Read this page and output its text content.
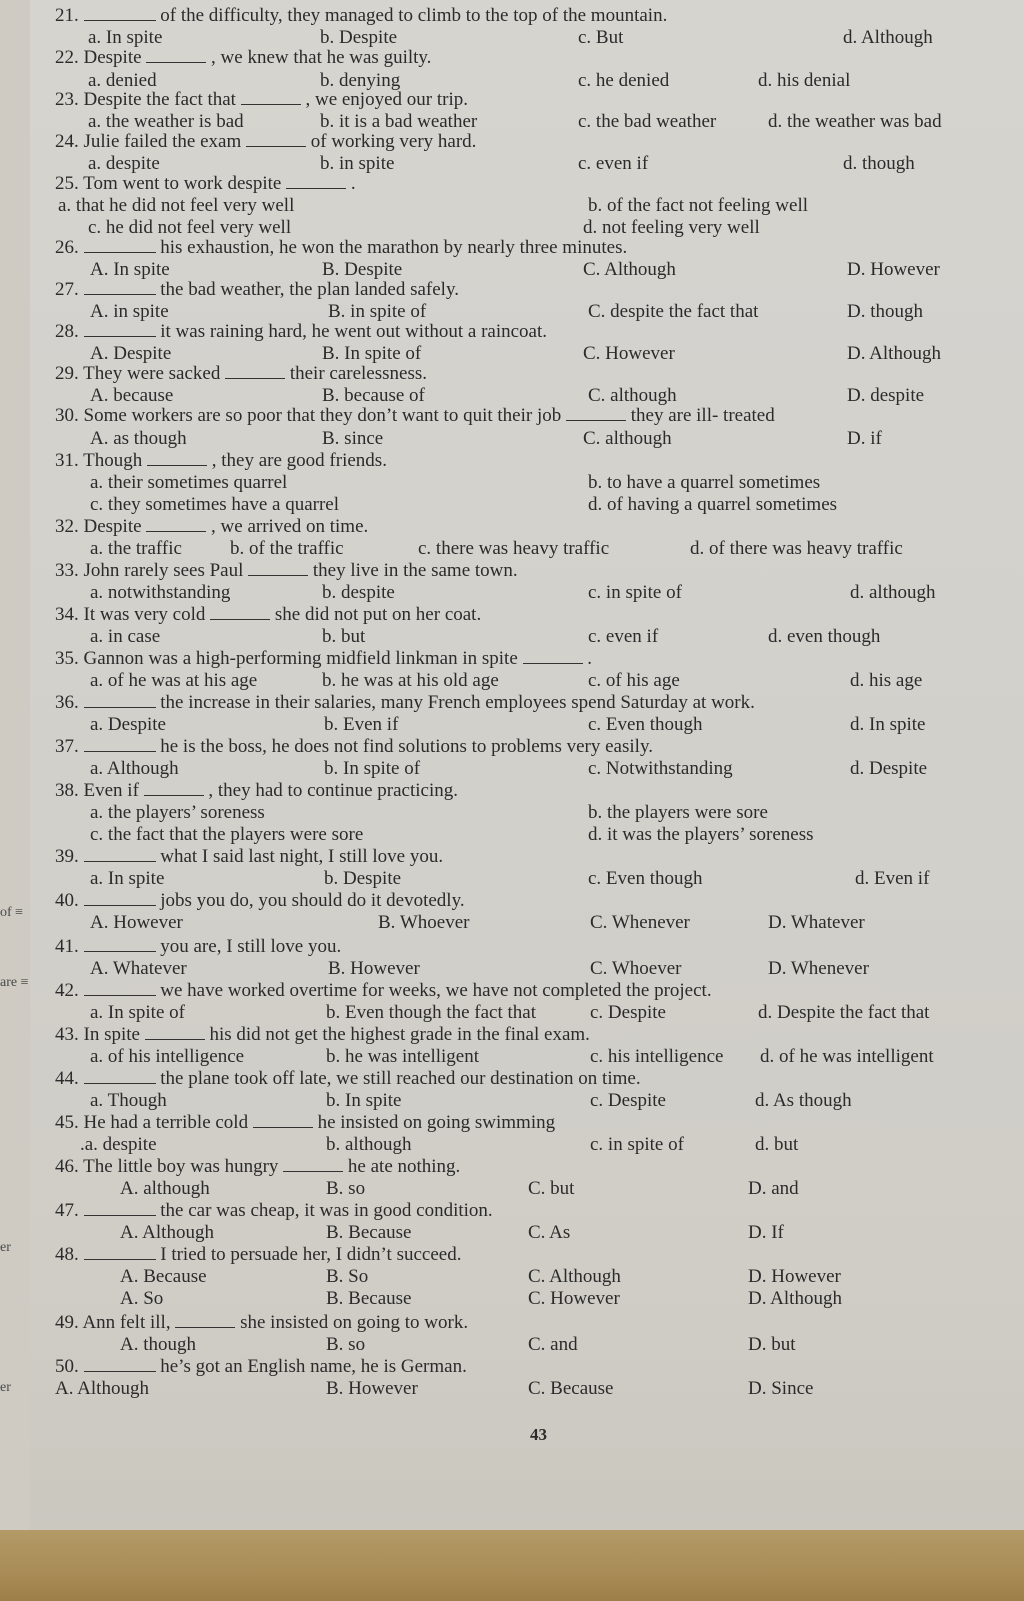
of ≡
are ≡
er
er
21.	of the difficulty, they managed to climb to the top of the mountain.
a. In spite	b. Despite	c. But	d. Although
22. Despite	, we knew that he was guilty.
a. denied	b. denying	c. he denied	d. his denial
23. Despite the fact that	, we enjoyed our trip.
a. the weather is bad	b. it is a bad weather	c. the bad weather	d. the weather was bad
24. Julie failed the exam	of working very hard.
a. despite	b. in spite	c. even if	d. though
25. Tom went to work despite	.
a. that he did not feel very well	b. of the fact not feeling well
c. he did not feel very well	d. not feeling very well
26.	his exhaustion, he won the marathon by nearly three minutes.
A. In spite	B. Despite	C. Although	D. However
27.	the bad weather, the plan landed safely.
A. in spite	B. in spite of	C. despite the fact that	D. though
28.	it was raining hard, he went out without a raincoat.
A. Despite	B. In spite of	C. However	D. Although
29. They were sacked	their carelessness.
A. because	B. because of	C. although	D. despite
30. Some workers are so poor that they don’t want to quit their job	they are ill- treated
A. as though	B. since	C. although	D. if
31. Though	, they are good friends.
a. their sometimes quarrel	b. to have a quarrel sometimes
c. they sometimes have a quarrel	d. of having a quarrel sometimes
32. Despite	, we arrived on time.
a. the traffic	b. of the traffic	c. there was heavy traffic	d. of there was heavy traffic
33. John rarely sees Paul	they live in the same town.
a. notwithstanding	b. despite	c. in spite of	d. although
34. It was very cold	she did not put on her coat.
a. in case	b. but	c. even if	d. even though
35. Gannon was a high-performing midfield linkman in spite	.
a. of he was at his age	b. he was at his old age	c. of his age	d. his age
36.	the increase in their salaries, many French employees spend Saturday at work.
a. Despite	b. Even if	c. Even though	d. In spite
37.	he is the boss, he does not find solutions to problems very easily.
a. Although	b. In spite of	c. Notwithstanding	d. Despite
38. Even if	, they had to continue practicing.
a. the players’ soreness	b. the players were sore
c. the fact that the players were sore	d. it was the players’ soreness
39.	what I said last night, I still love you.
a. In spite	b. Despite	c. Even though	d. Even if
40.	jobs you do, you should do it devotedly.
A. However	B. Whoever	C. Whenever	D. Whatever
41.	you are, I still love you.
A. Whatever	B. However	C. Whoever	D. Whenever
42.	we have worked overtime for weeks, we have not completed the project.
a. In spite of	b. Even though the fact that	c. Despite	d. Despite the fact that
43. In spite	his did not get the highest grade in the final exam.
a. of his intelligence	b. he was intelligent	c. his intelligence d. of he was intelligent
44.	the plane took off late, we still reached our destination on time.
a. Though	b. In spite	c. Despite	d. As though
45. He had a terrible cold	he insisted on going swimming
.a. despite	b. although	c. in spite of	d. but
46. The little boy was hungry	he ate nothing.
A. although	B. so	C. but	D. and
47.	the car was cheap, it was in good condition.
A. Although	B. Because	C. As	D. If
48.	I tried to persuade her, I didn’t succeed.
A. Because	B. So	C. Although	D. However
A. So	B. Because	C. However	D. Although
49. Ann felt ill,	she insisted on going to work.
A. though	B. so	C. and	D. but
50.	he’s got an English name, he is German.
A. Although	B. However	C. Because	D. Since
43
